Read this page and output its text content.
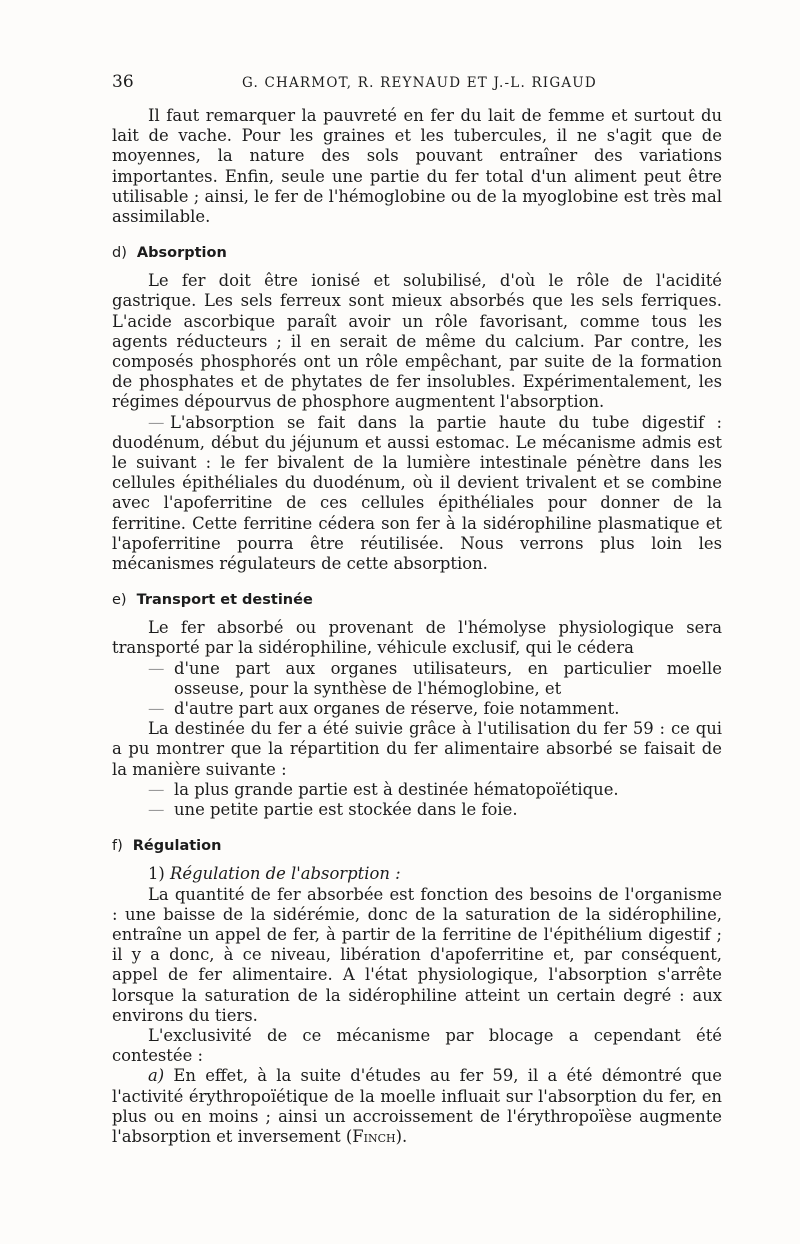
36	G. CHARMOT, R. REYNAUD ET J.-L. RIGAUD

Il faut remarquer la pauvreté en fer du lait de femme et surtout du lait de vache. Pour les graines et les tubercules, il ne s'agit que de moyennes, la nature des sols pouvant entraîner des variations importantes. Enfin, seule une partie du fer total d'un aliment peut être utilisable ; ainsi, le fer de l'hémoglobine ou de la myoglobine est très mal assimilable.

d) Absorption

Le fer doit être ionisé et solubilisé, d'où le rôle de l'acidité gastrique. Les sels ferreux sont mieux absorbés que les sels ferriques. L'acide ascorbique paraît avoir un rôle favorisant, comme tous les agents réducteurs ; il en serait de même du calcium. Par contre, les composés phosphorés ont un rôle empêchant, par suite de la formation de phosphates et de phytates de fer insolubles. Expérimentalement, les régimes dépourvus de phosphore augmentent l'absorption.

— L'absorption se fait dans la partie haute du tube digestif : duodénum, début du jéjunum et aussi estomac. Le mécanisme admis est le suivant : le fer bivalent de la lumière intestinale pénètre dans les cellules épithéliales du duodénum, où il devient trivalent et se combine avec l'apoferritine de ces cellules épithéliales pour donner de la ferritine. Cette ferritine cédera son fer à la sidérophiline plasmatique et l'apoferritine pourra être réutilisée. Nous verrons plus loin les mécanismes régulateurs de cette absorption.

e) Transport et destinée

Le fer absorbé ou provenant de l'hémolyse physiologique sera transporté par la sidérophiline, véhicule exclusif, qui le cédera

— d'une part aux organes utilisateurs, en particulier moelle osseuse, pour la synthèse de l'hémoglobine, et
— d'autre part aux organes de réserve, foie notamment.

La destinée du fer a été suivie grâce à l'utilisation du fer 59 : ce qui a pu montrer que la répartition du fer alimentaire absorbé se faisait de la manière suivante :

— la plus grande partie est à destinée hématopoïétique.
— une petite partie est stockée dans le foie.
f) Régulation

1) Régulation de l'absorption :

La quantité de fer absorbée est fonction des besoins de l'organisme : une baisse de la sidérémie, donc de la saturation de la sidérophiline, entraîne un appel de fer, à partir de la ferritine de l'épithélium digestif ; il y a donc, à ce niveau, libération d'apoferritine et, par conséquent, appel de fer alimentaire. A l'état physiologique, l'absorption s'arrête lorsque la saturation de la sidérophiline atteint un certain degré : aux environs du tiers.

L'exclusivité de ce mécanisme par blocage a cependant été contestée :

a) En effet, à la suite d'études au fer 59, il a été démontré que l'activité érythropoïétique de la moelle influait sur l'absorption du fer, en plus ou en moins ; ainsi un accroissement de l'érythropoïèse augmente l'absorption et inversement (Finch).
